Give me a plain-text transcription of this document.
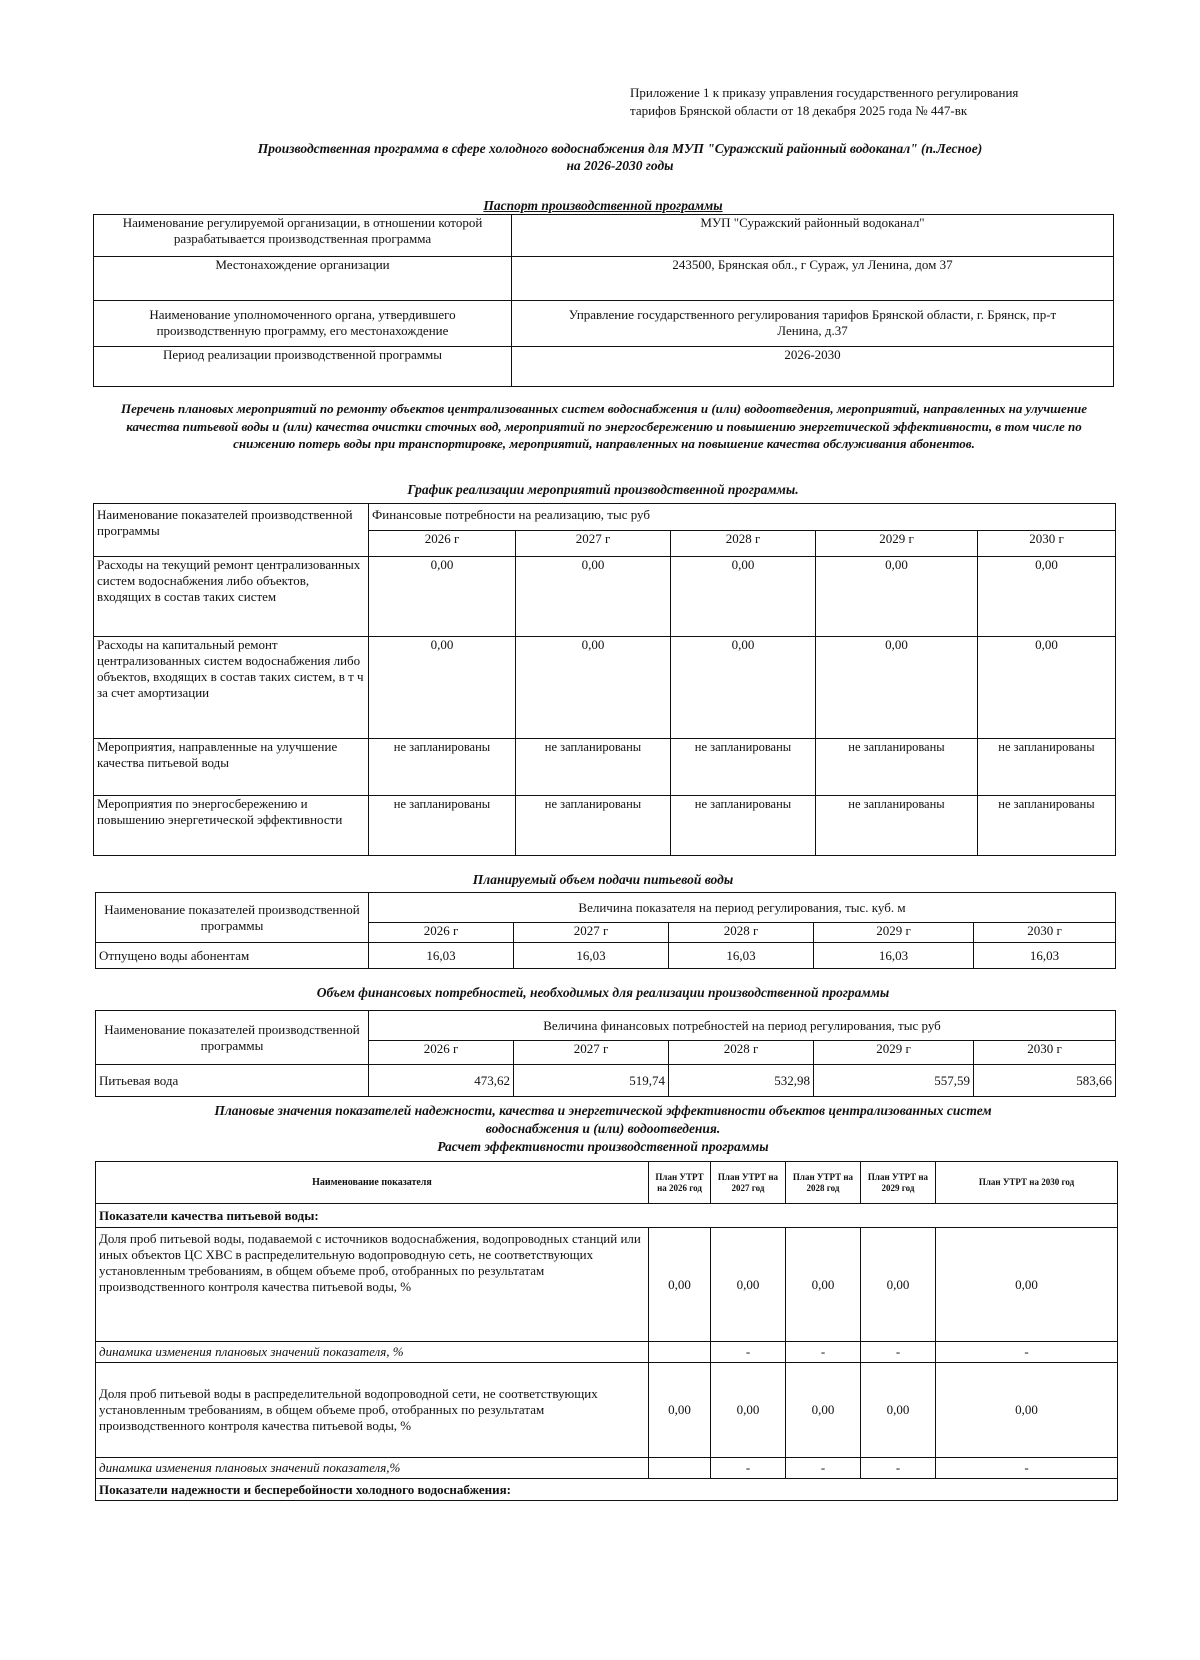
Приложение 1 к приказу управления государственного регулирования
тарифов Брянской области от 18 декабря 2025 года № 447-вк
Производственная программа в сфере холодного водоснабжения для МУП "Суражский районный водоканал" (п.Лесное)
на 2026-2030 годы
Паспорт производственной программы
Наименование регулируемой организации, в отношении которой разрабатывается производственная программа	МУП "Суражский районный водоканал"
Местонахождение организации	243500, Брянская обл., г Сураж, ул Ленина, дом 37
Наименование уполномоченного органа, утвердившего производственную программу, его местонахождение	Управление государственного регулирования тарифов Брянской области, г. Брянск, пр-т Ленина, д.37
Период реализации производственной программы	2026-2030
Перечень плановых мероприятий по ремонту объектов централизованных систем водоснабжения и (или) водоотведения, мероприятий, направленных на улучшение качества питьевой воды и (или) качества очистки сточных вод, мероприятий по энергосбережению и повышению энергетической эффективности, в том числе по снижению потерь воды при транспортировке, мероприятий, направленных на повышение качества обслуживания абонентов.
График реализации мероприятий производственной программы.
Наименование показателей производственной программы	Финансовые потребности на реализацию, тыс руб				
	2026 г	2027 г	2028 г	2029 г	2030 г
Расходы на текущий ремонт централизованных систем водоснабжения либо объектов, входящих в состав таких систем	0,00	0,00	0,00	0,00	0,00
Расходы на капитальный ремонт централизованных систем водоснабжения либо объектов, входящих в состав таких систем, в т ч за счет амортизации	0,00	0,00	0,00	0,00	0,00
Мероприятия, направленные на улучшение качества питьевой воды	не запланированы	не запланированы	не запланированы	не запланированы	не запланированы
Мероприятия по энергосбережению и повышению энергетической эффективности	не запланированы	не запланированы	не запланированы	не запланированы	не запланированы
Планируемый объем подачи питьевой воды
Наименование показателей производственной программы	Величина показателя на период регулирования, тыс. куб. м				
	2026 г	2027 г	2028 г	2029 г	2030 г
Отпущено воды абонентам	16,03	16,03	16,03	16,03	16,03
Объем финансовых потребностей, необходимых для реализации производственной программы
Наименование показателей производственной программы	Величина финансовых потребностей на период регулирования, тыс руб				
	2026 г	2027 г	2028 г	2029 г	2030 г
Питьевая вода	473,62	519,74	532,98	557,59	583,66
Плановые значения показателей надежности, качества и энергетической эффективности объектов централизованных систем
водоснабжения и (или) водоотведения.
Расчет эффективности производственной программы
Наименование показателя	План УТРТ на 2026 год	План УТРТ на 2027 год	План УТРТ на 2028 год	План УТРТ на 2029 год	План УТРТ на 2030 год
Показатели качества питьевой воды:					
Доля проб питьевой воды, подаваемой с источников водоснабжения, водопроводных станций или иных объектов ЦС ХВС в распределительную водопроводную сеть, не соответствующих установленным требованиям, в общем объеме проб, отобранных по результатам производственного контроля качества питьевой воды, %	0,00	0,00	0,00	0,00	0,00
динамика изменения плановых значений показателя, %		-	-	-	-
Доля проб питьевой воды в распределительной водопроводной сети, не соответствующих установленным требованиям, в общем объеме проб, отобранных по результатам производственного контроля качества питьевой воды, %	0,00	0,00	0,00	0,00	0,00
динамика изменения плановых значений показателя,%		-	-	-	-
Показатели надежности и бесперебойности холодного водоснабжения:					
